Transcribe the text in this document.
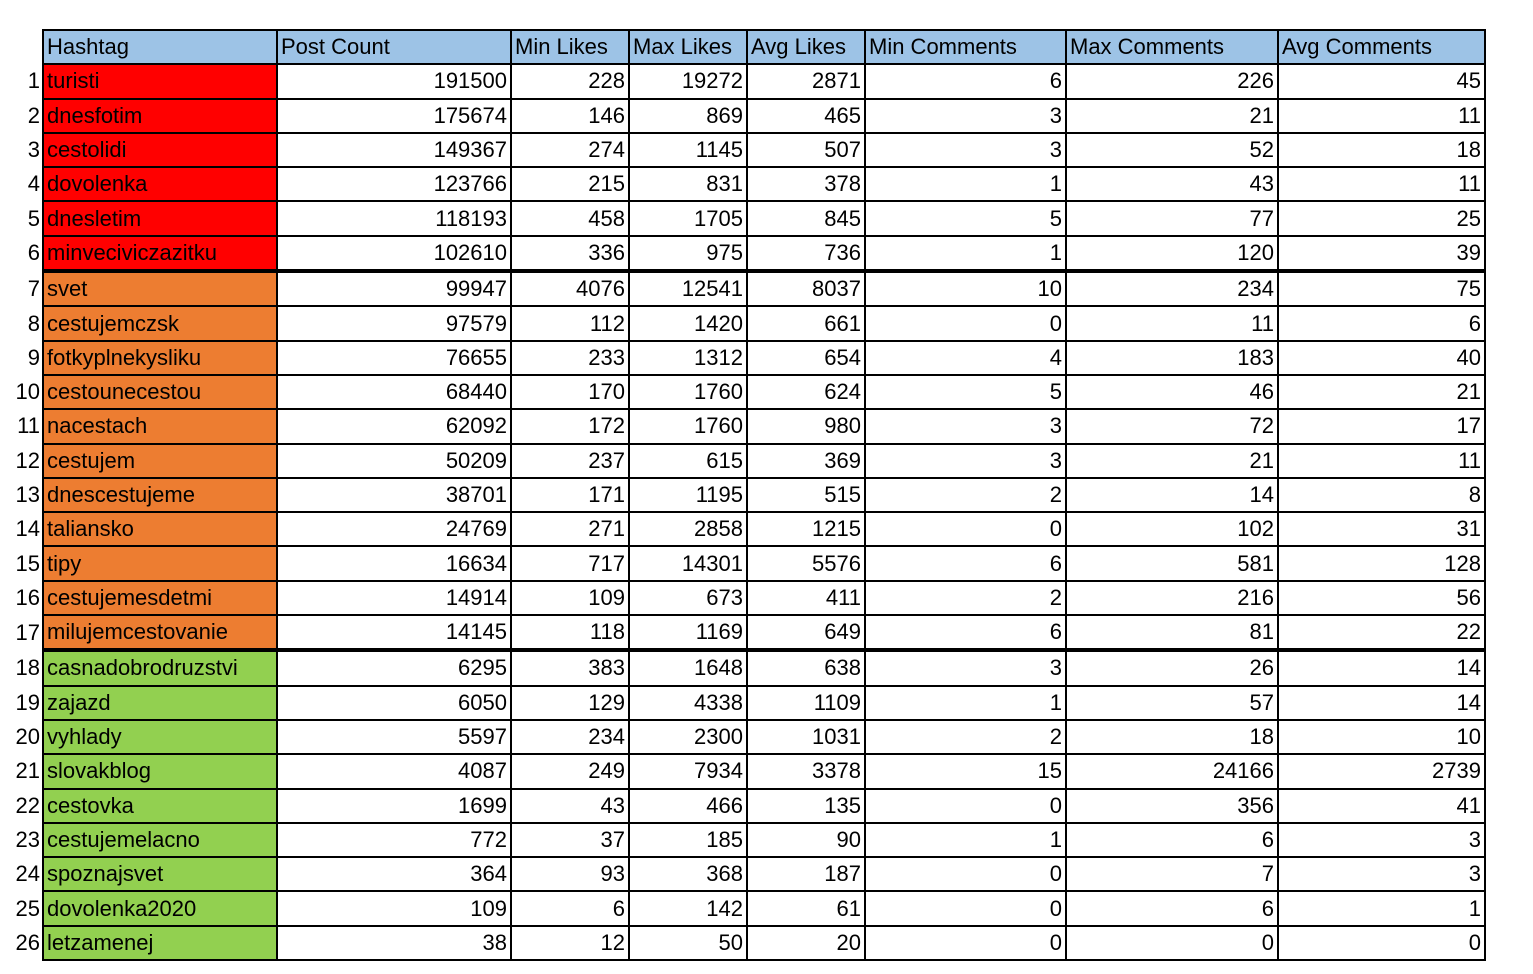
	Hashtag	Post Count	Min Likes	Max Likes	Avg Likes	Min Comments	Max Comments	Avg Comments
1	turisti	191500	228	19272	2871	6	226	45
2	dnesfotim	175674	146	869	465	3	21	11
3	cestolidi	149367	274	1145	507	3	52	18
4	dovolenka	123766	215	831	378	1	43	11
5	dnesletim	118193	458	1705	845	5	77	25
6	minveciviczazitku	102610	336	975	736	1	120	39
7	svet	99947	4076	12541	8037	10	234	75
8	cestujemczsk	97579	112	1420	661	0	11	6
9	fotkyplnekysliku	76655	233	1312	654	4	183	40
10	cestounecestou	68440	170	1760	624	5	46	21
11	nacestach	62092	172	1760	980	3	72	17
12	cestujem	50209	237	615	369	3	21	11
13	dnescestujeme	38701	171	1195	515	2	14	8
14	taliansko	24769	271	2858	1215	0	102	31
15	tipy	16634	717	14301	5576	6	581	128
16	cestujemesdetmi	14914	109	673	411	2	216	56
17	milujemcestovanie	14145	118	1169	649	6	81	22
18	casnadobrodruzstvi	6295	383	1648	638	3	26	14
19	zajazd	6050	129	4338	1109	1	57	14
20	vyhlady	5597	234	2300	1031	2	18	10
21	slovakblog	4087	249	7934	3378	15	24166	2739
22	cestovka	1699	43	466	135	0	356	41
23	cestujemelacno	772	37	185	90	1	6	3
24	spoznajsvet	364	93	368	187	0	7	3
25	dovolenka2020	109	6	142	61	0	6	1
26	letzamenej	38	12	50	20	0	0	0
